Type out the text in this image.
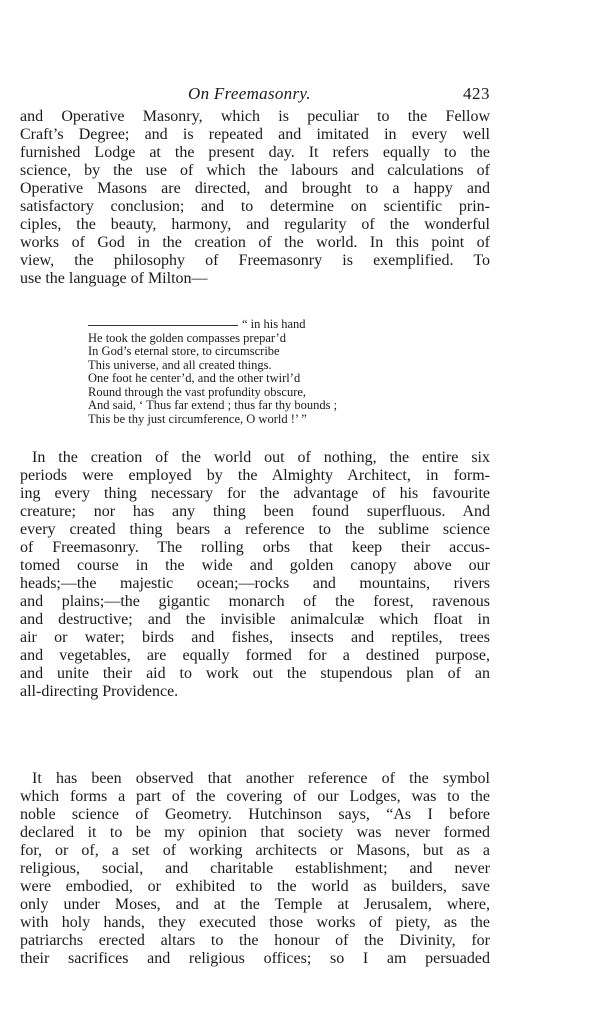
On Freemasonry.	423
and Operative Masonry, which is peculiar to the Fellow
Craft’s Degree; and is repeated and imitated in every well
furnished Lodge at the present day. It refers equally to the
science, by the use of which the labours and calculations of
Operative Masons are directed, and brought to a happy and
satisfactory conclusion; and to determine on scientific prin-
ciples, the beauty, harmony, and regularity of the wonderful
works of God in the creation of the world. In this point of
view, the philosophy of Freemasonry is exemplified. To
use the language of Milton—
“ in his hand
He took the golden compasses prepar’d
In God’s eternal store, to circumscribe
This universe, and all created things.
One foot he center’d, and the other twirl’d
Round through the vast profundity obscure,
And said, ‘ Thus far extend ; thus far thy bounds ;
This be thy just circumference, O world !’ ”
In the creation of the world out of nothing, the entire six
periods were employed by the Almighty Architect, in form-
ing every thing necessary for the advantage of his favourite
creature; nor has any thing been found superfluous. And
every created thing bears a reference to the sublime science
of Freemasonry. The rolling orbs that keep their accus-
tomed course in the wide and golden canopy above our
heads;—the majestic ocean;—rocks and mountains, rivers
and plains;—the gigantic monarch of the forest, ravenous
and destructive; and the invisible animalculæ which float in
air or water; birds and fishes, insects and reptiles, trees
and vegetables, are equally formed for a destined purpose,
and unite their aid to work out the stupendous plan of an
all-directing Providence.
It has been observed that another reference of the symbol
which forms a part of the covering of our Lodges, was to the
noble science of Geometry. Hutchinson says, “As I before
declared it to be my opinion that society was never formed
for, or of, a set of working architects or Masons, but as a
religious, social, and charitable establishment; and never
were embodied, or exhibited to the world as builders, save
only under Moses, and at the Temple at Jerusalem, where,
with holy hands, they executed those works of piety, as the
patriarchs erected altars to the honour of the Divinity, for
their sacrifices and religious offices; so I am persuaded
